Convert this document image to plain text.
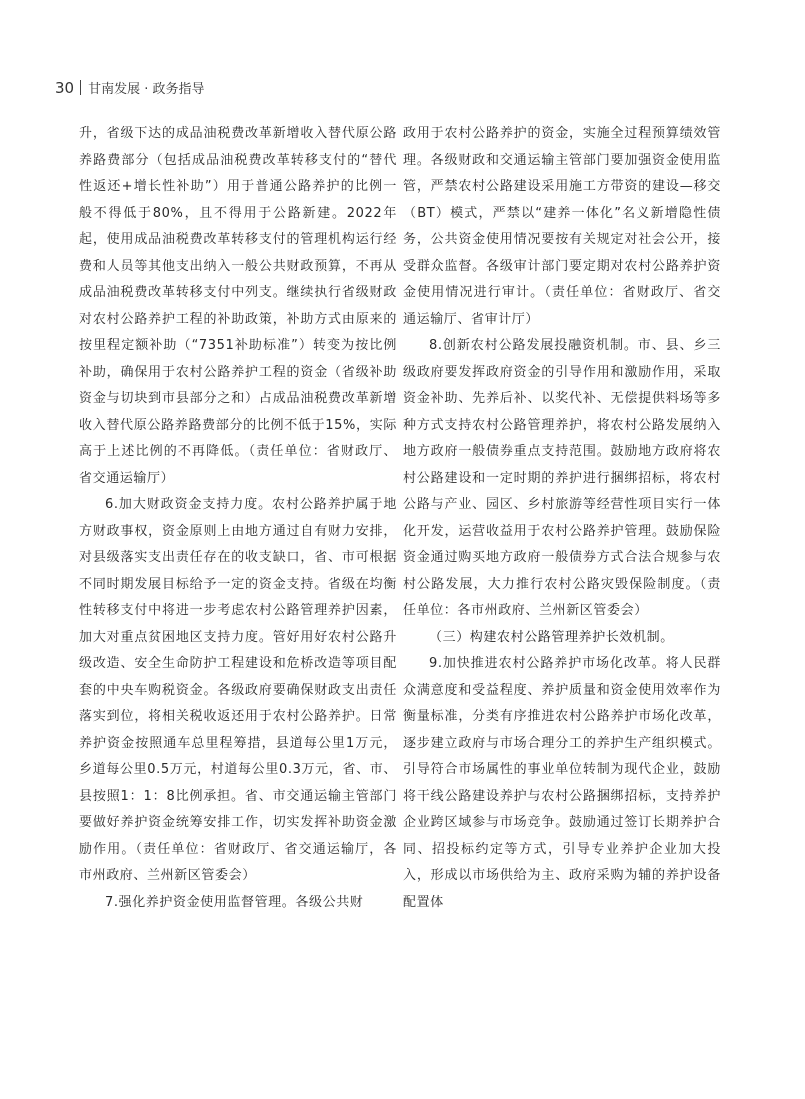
30 甘南发展 · 政务指导

升，省级下达的成品油税费改革新增收入替代原公路养路费部分（包括成品油税费改革转移支付的“替代性返还+增长性补助”）用于普通公路养护的比例一般不得低于80%，且不得用于公路新建。2022年起，使用成品油税费改革转移支付的管理机构运行经费和人员等其他支出纳入一般公共财政预算，不再从成品油税费改革转移支付中列支。继续执行省级财政对农村公路养护工程的补助政策，补助方式由原来的按里程定额补助（“7351补助标准”）转变为按比例补助，确保用于农村公路养护工程的资金（省级补助资金与切块到市县部分之和）占成品油税费改革新增收入替代原公路养路费部分的比例不低于15%，实际高于上述比例的不再降低。（责任单位：省财政厅、省交通运输厅）

6.加大财政资金支持力度。农村公路养护属于地方财政事权，资金原则上由地方通过自有财力安排，对县级落实支出责任存在的收支缺口，省、市可根据不同时期发展目标给予一定的资金支持。省级在均衡性转移支付中将进一步考虑农村公路管理养护因素，加大对重点贫困地区支持力度。管好用好农村公路升级改造、安全生命防护工程建设和危桥改造等项目配套的中央车购税资金。各级政府要确保财政支出责任落实到位，将相关税收返还用于农村公路养护。日常养护资金按照通车总里程筹措，县道每公里1万元，乡道每公里0.5万元，村道每公里0.3万元，省、市、县按照1：1：8比例承担。省、市交通运输主管部门要做好养护资金统筹安排工作，切实发挥补助资金激励作用。（责任单位：省财政厅、省交通运输厅，各市州政府、兰州新区管委会）

7.强化养护资金使用监督管理。各级公共财

政用于农村公路养护的资金，实施全过程预算绩效管理。各级财政和交通运输主管部门要加强资金使用监管，严禁农村公路建设采用施工方带资的建设—移交（BT）模式，严禁以“建养一体化”名义新增隐性债务，公共资金使用情况要按有关规定对社会公开，接受群众监督。各级审计部门要定期对农村公路养护资金使用情况进行审计。（责任单位：省财政厅、省交通运输厅、省审计厅）

8.创新农村公路发展投融资机制。市、县、乡三级政府要发挥政府资金的引导作用和激励作用，采取资金补助、先养后补、以奖代补、无偿提供料场等多种方式支持农村公路管理养护，将农村公路发展纳入地方政府一般债券重点支持范围。鼓励地方政府将农村公路建设和一定时期的养护进行捆绑招标，将农村公路与产业、园区、乡村旅游等经营性项目实行一体化开发，运营收益用于农村公路养护管理。鼓励保险资金通过购买地方政府一般债券方式合法合规参与农村公路发展，大力推行农村公路灾毁保险制度。（责任单位：各市州政府、兰州新区管委会）

（三）构建农村公路管理养护长效机制。

9.加快推进农村公路养护市场化改革。将人民群众满意度和受益程度、养护质量和资金使用效率作为衡量标准，分类有序推进农村公路养护市场化改革，逐步建立政府与市场合理分工的养护生产组织模式。引导符合市场属性的事业单位转制为现代企业，鼓励将干线公路建设养护与农村公路捆绑招标，支持养护企业跨区域参与市场竞争。鼓励通过签订长期养护合同、招投标约定等方式，引导专业养护企业加大投入，形成以市场供给为主、政府采购为辅的养护设备配置体
